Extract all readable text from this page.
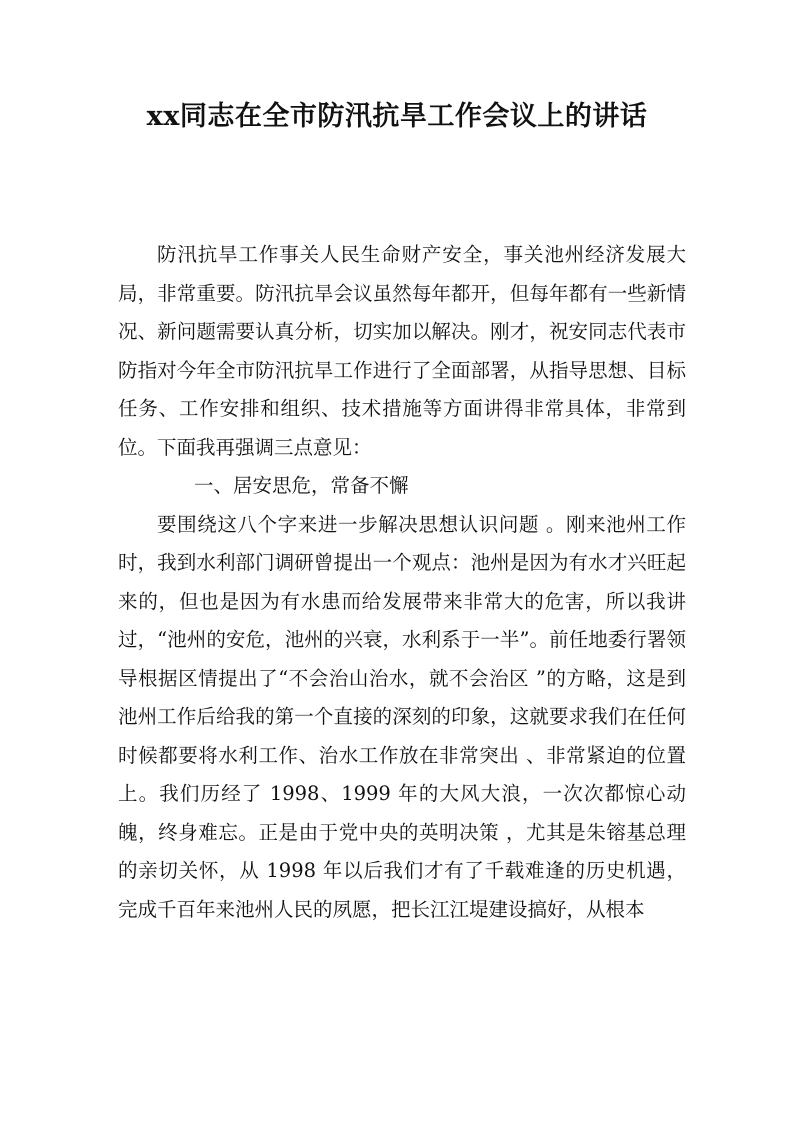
xx同志在全市防汛抗旱工作会议上的讲话

防汛抗旱工作事关人民生命财产安全，事关池州经济发展大局，非常重要。防汛抗旱会议虽然每年都开，但每年都有一些新情况、新问题需要认真分析，切实加以解决。刚才，祝安同志代表市防指对今年全市防汛抗旱工作进行了全面部署，从指导思想、目标任务、工作安排和组织、技术措施等方面讲得非常具体，非常到位。下面我再强调三点意见：

一、居安思危，常备不懈

要围绕这八个字来进一步解决思想认识问题 。刚来池州工作时，我到水利部门调研曾提出一个观点：池州是因为有水才兴旺起来的，但也是因为有水患而给发展带来非常大的危害，所以我讲过，“池州的安危，池州的兴衰，水利系于一半”。前任地委行署领导根据区情提出了“不会治山治水，就不会治区 ”的方略，这是到池州工作后给我的第一个直接的深刻的印象，这就要求我们在任何时候都要将水利工作、治水工作放在非常突出 、非常紧迫的位置上。我们历经了 1998、1999 年的大风大浪，一次次都惊心动魄，终身难忘。正是由于党中央的英明决策 ，尤其是朱镕基总理的亲切关怀，从 1998 年以后我们才有了千载难逢的历史机遇，完成千百年来池州人民的夙愿，把长江江堤建设搞好，从根本
